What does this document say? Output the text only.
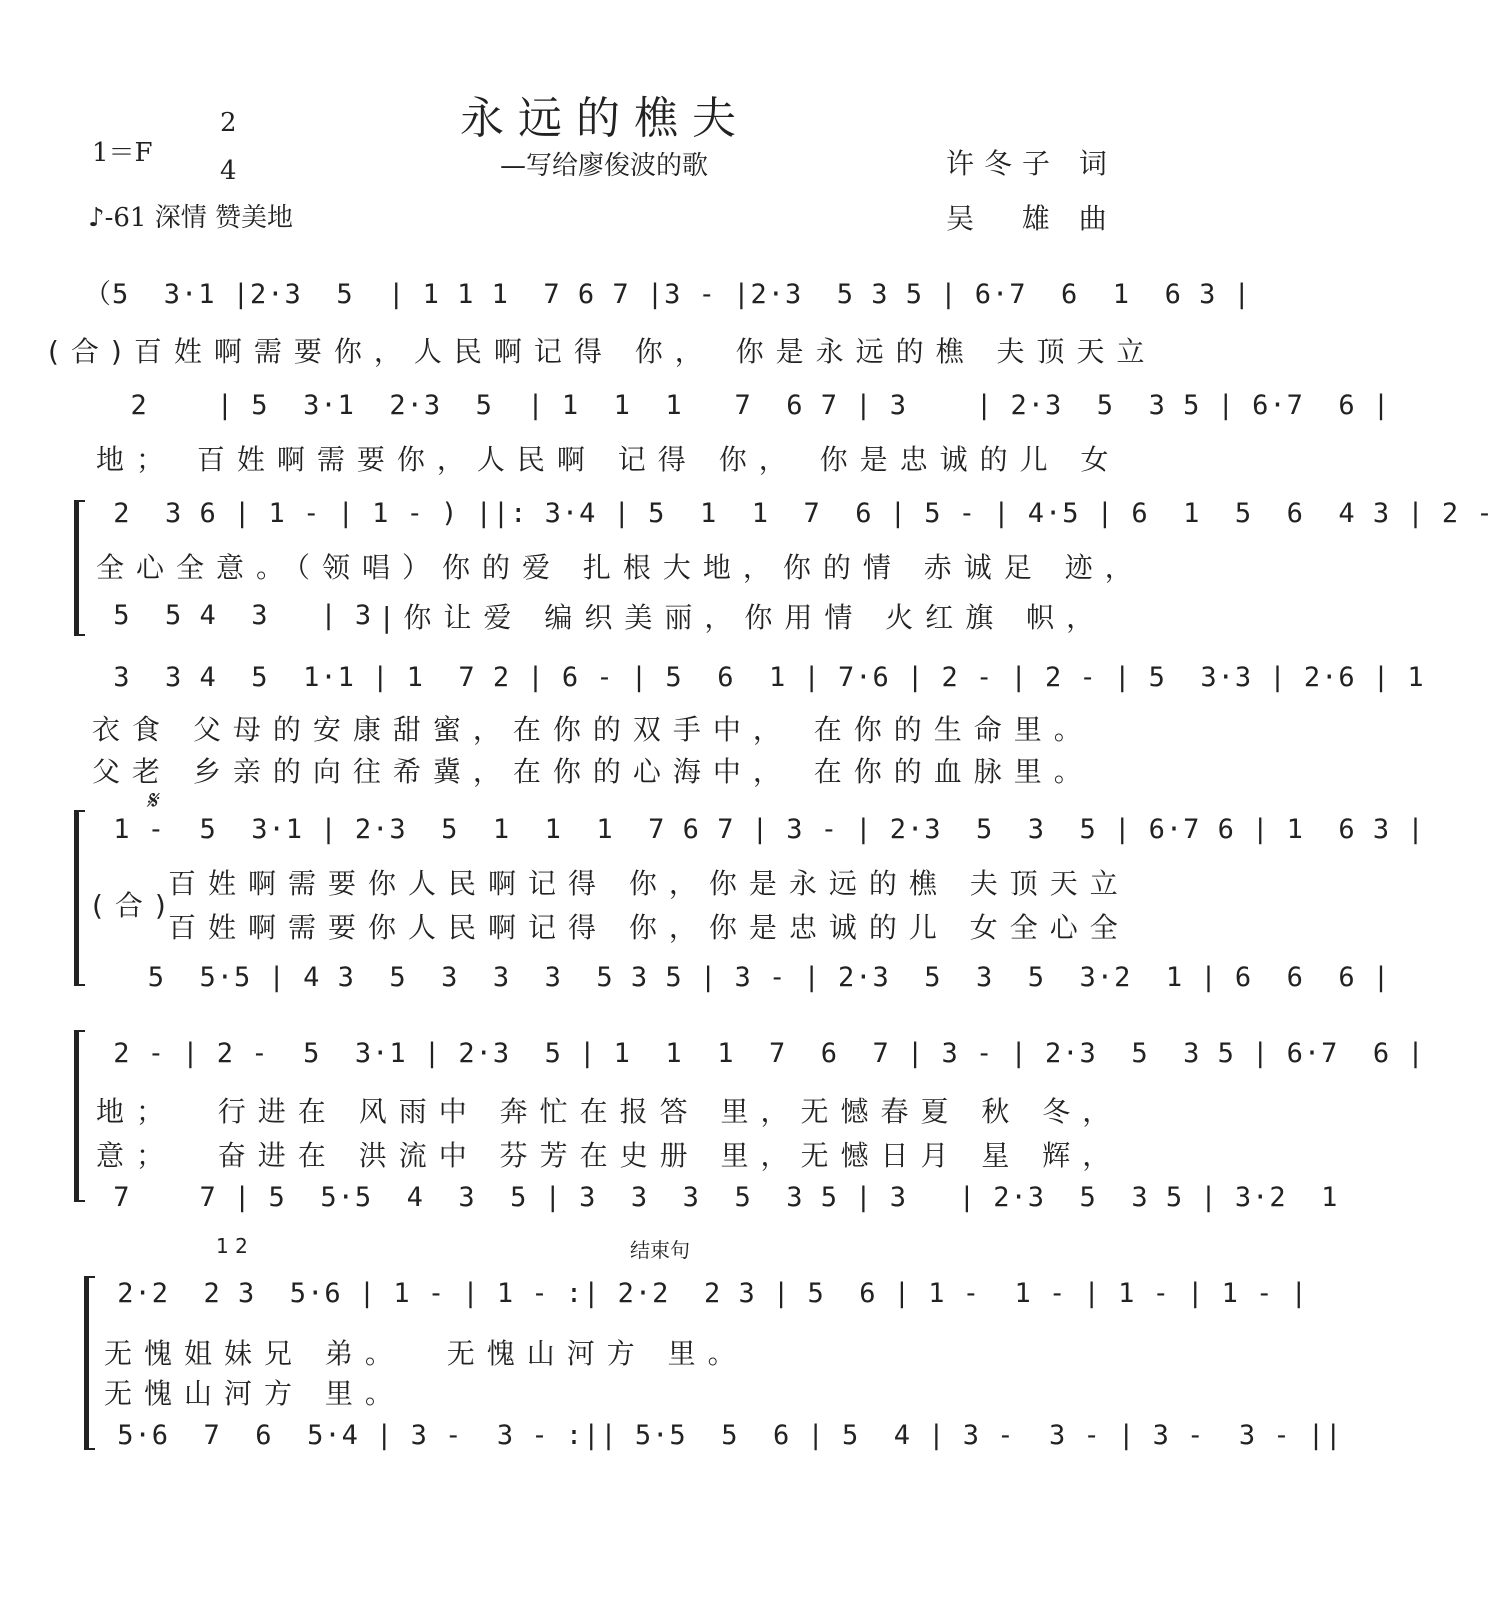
永远的樵夫
—写给廖俊波的歌
1＝F
2
4
♪-61 深情 赞美地
许冬子 词
吴  雄 曲
（5  3·1 |2·3  5  | 1 1 1  7 6 7 |3 - |2·3  5 3 5 | 6·7  6  1  6 3 |
(合)百姓啊需要你，人民啊记得 你， 你是永远的樵 夫顶天立
2    | 5  3·1  2·3  5  | 1  1  1   7  6 7 | 3    | 2·3  5  3 5 | 6·7  6 |
地； 百姓啊需要你，人民啊 记得 你， 你是忠诚的儿 女
2  3 6 | 1 - | 1 - ) ||: 3·4 | 5  1  1  7  6 | 5 - | 4·5 | 6  1  5  6  4 3 | 2 -
全心全意。（领唱）你的爱 扎根大地，你的情 赤诚足 迹，
5  5 4  3   | 3 |你让爱 编织美丽，你用情 火红旗 帜，
3  3 4  5  1·1 | 1  7 2 | 6 - | 5  6  1 | 7·6 | 2 - | 2 - | 5  3·3 | 2·6 | 1
衣食 父母的安康甜蜜，在你的双手中， 在你的生命里。
父老 乡亲的向往希冀，在你的心海中， 在你的血脉里。
𝄋
1 -  5  3·1 | 2·3  5  1  1  1  7 6 7 | 3 - | 2·3  5  3  5 | 6·7 6 | 1  6 3 |
(合)
百姓啊需要你人民啊记得 你，你是永远的樵 夫顶天立
百姓啊需要你人民啊记得 你，你是忠诚的儿 女全心全
5  5·5 | 4 3  5  3  3  3  5 3 5 | 3 - | 2·3  5  3  5  3·2  1 | 6  6  6 |
2 - | 2 -  5  3·1 | 2·3  5 | 1  1  1  7  6  7 | 3 - | 2·3  5  3 5 | 6·7  6 |
地；  行进在 风雨中 奔忙在报答 里，无憾春夏 秋 冬，
意；  奋进在 洪流中 芬芳在史册 里，无憾日月 星 辉，
7    7 | 5  5·5  4  3  5 | 3  3  3  5  3 5 | 3   | 2·3  5  3 5 | 3·2  1
1 2	结束句
2·2  2 3  5·6 | 1 - | 1 - :| 2·2  2 3 | 5  6 | 1 -  1 - | 1 - | 1 - |
无愧姐妹兄 弟。  无愧山河方 里。
无愧山河方 里。
5·6  7  6  5·4 | 3 -  3 - :|| 5·5  5  6 | 5  4 | 3 -  3 - | 3 -  3 - ||
